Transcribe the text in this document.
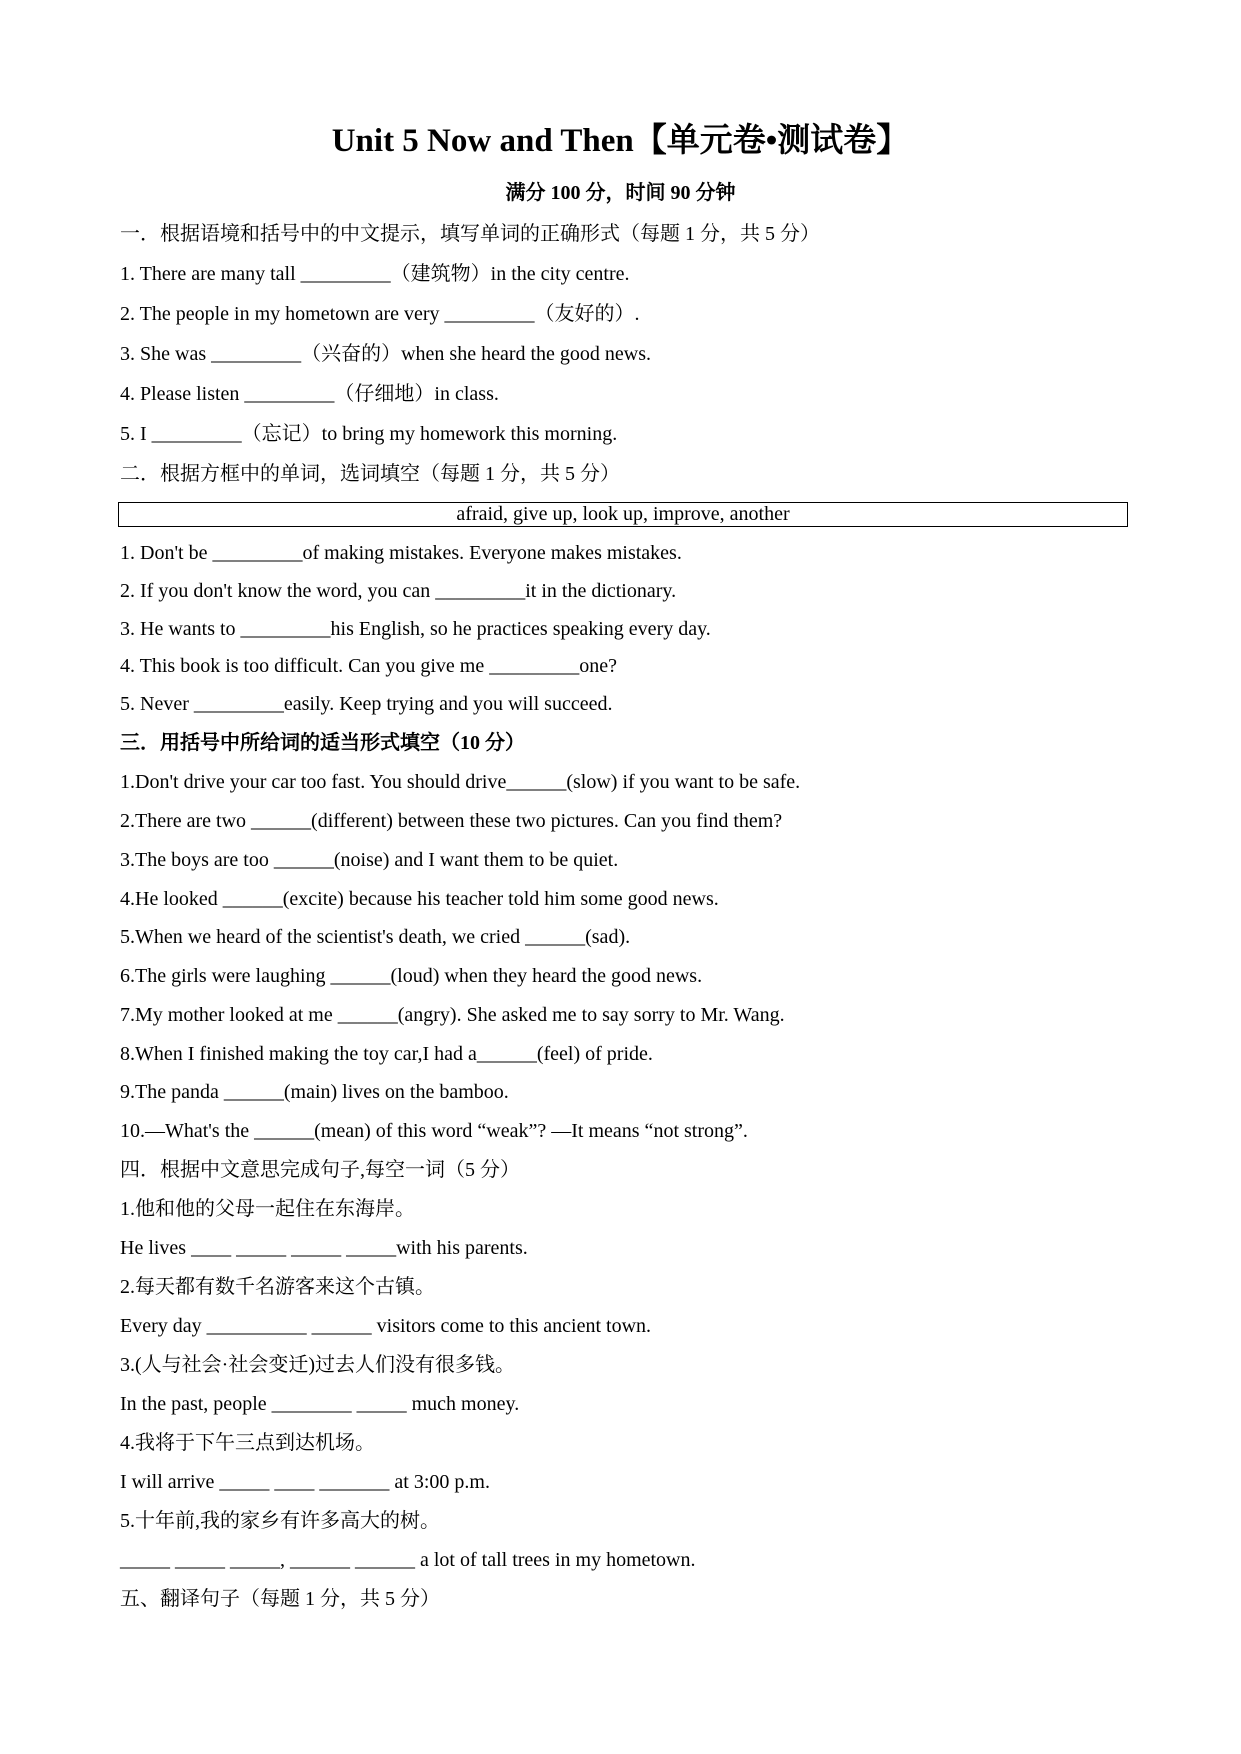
Unit 5 Now and Then【单元卷•测试卷】
满分 100 分，时间 90 分钟
一．根据语境和括号中的中文提示，填写单词的正确形式（每题 1 分，共 5 分）
1. There are many tall _________（建筑物）in the city centre.
2. The people in my hometown are very _________（友好的）.
3. She was _________（兴奋的）when she heard the good news.
4. Please listen _________（仔细地）in class.
5. I _________（忘记）to bring my homework this morning.
二．根据方框中的单词，选词填空（每题 1 分，共 5 分）
afraid, give up, look up, improve, another
1. Don't be _________of making mistakes. Everyone makes mistakes.
2. If you don't know the word, you can _________it in the dictionary.
3. He wants to _________his English, so he practices speaking every day.
4. This book is too difficult. Can you give me _________one?
5. Never _________easily. Keep trying and you will succeed.
三．用括号中所给词的适当形式填空（10 分）
1.Don't drive your car too fast. You should drive______(slow) if you want to be safe.
2.There are two ______(different) between these two pictures. Can you find them?
3.The boys are too ______(noise) and I want them to be quiet.
4.He looked ______(excite) because his teacher told him some good news.
5.When we heard of the scientist's death, we cried ______(sad).
6.The girls were laughing ______(loud) when they heard the good news.
7.My mother looked at me ______(angry). She asked me to say sorry to Mr. Wang.
8.When I finished making the toy car,I had a______(feel) of pride.
9.The panda ______(main) lives on the bamboo.
10.—What's the ______(mean) of this word “weak”? —It means “not strong”.
四．根据中文意思完成句子,每空一词（5 分）
1.他和他的父母一起住在东海岸。
He lives ____ _____ _____ _____with his parents.
2.每天都有数千名游客来这个古镇。
Every day __________ ______ visitors come to this ancient town.
3.(人与社会·社会变迁)过去人们没有很多钱。
In the past, people ________ _____ much money.
4.我将于下午三点到达机场。
I will arrive _____ ____ _______ at 3:00 p.m.
5.十年前,我的家乡有许多高大的树。
_____ _____ _____, ______ ______ a lot of tall trees in my hometown.
五、翻译句子（每题 1 分，共 5 分）
